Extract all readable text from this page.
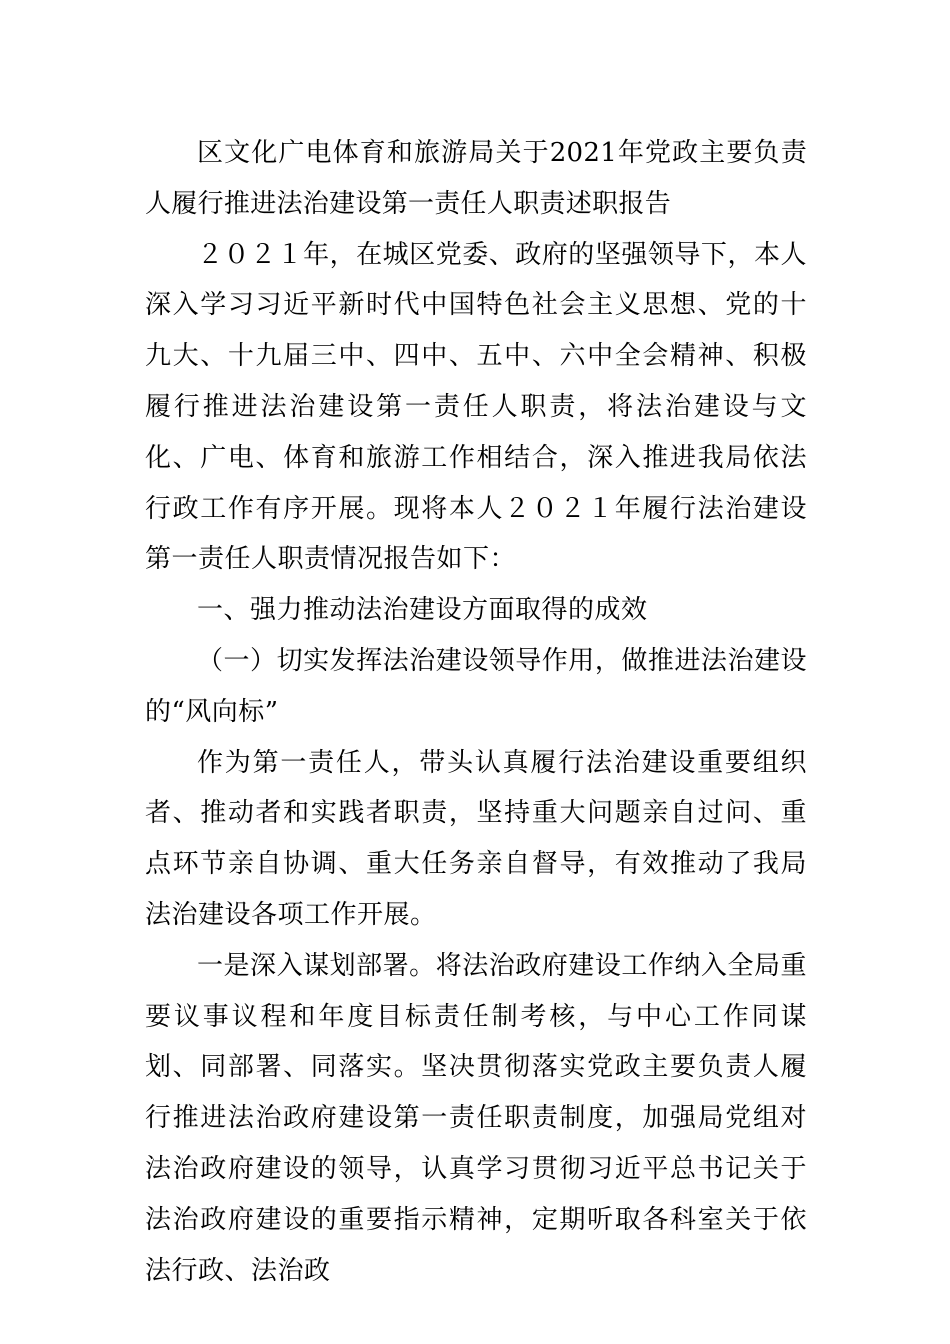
区文化广电体育和旅游局关于2021年党政主要负责人履行推进法治建设第一责任人职责述职报告

２０２１年，在城区党委、政府的坚强领导下，本人深入学习习近平新时代中国特色社会主义思想、党的十九大、十九届三中、四中、五中、六中全会精神、积极履行推进法治建设第一责任人职责，将法治建设与文化、广电、体育和旅游工作相结合，深入推进我局依法行政工作有序开展。现将本人２０２１年履行法治建设第一责任人职责情况报告如下：

一、强力推动法治建设方面取得的成效

（一）切实发挥法治建设领导作用，做推进法治建设的“风向标”

作为第一责任人，带头认真履行法治建设重要组织者、推动者和实践者职责，坚持重大问题亲自过问、重点环节亲自协调、重大任务亲自督导，有效推动了我局法治建设各项工作开展。

一是深入谋划部署。将法治政府建设工作纳入全局重要议事议程和年度目标责任制考核，与中心工作同谋划、同部署、同落实。坚决贯彻落实党政主要负责人履行推进法治政府建设第一责任职责制度，加强局党组对法治政府建设的领导，认真学习贯彻习近平总书记关于法治政府建设的重要指示精神，定期听取各科室关于依法行政、法治政
